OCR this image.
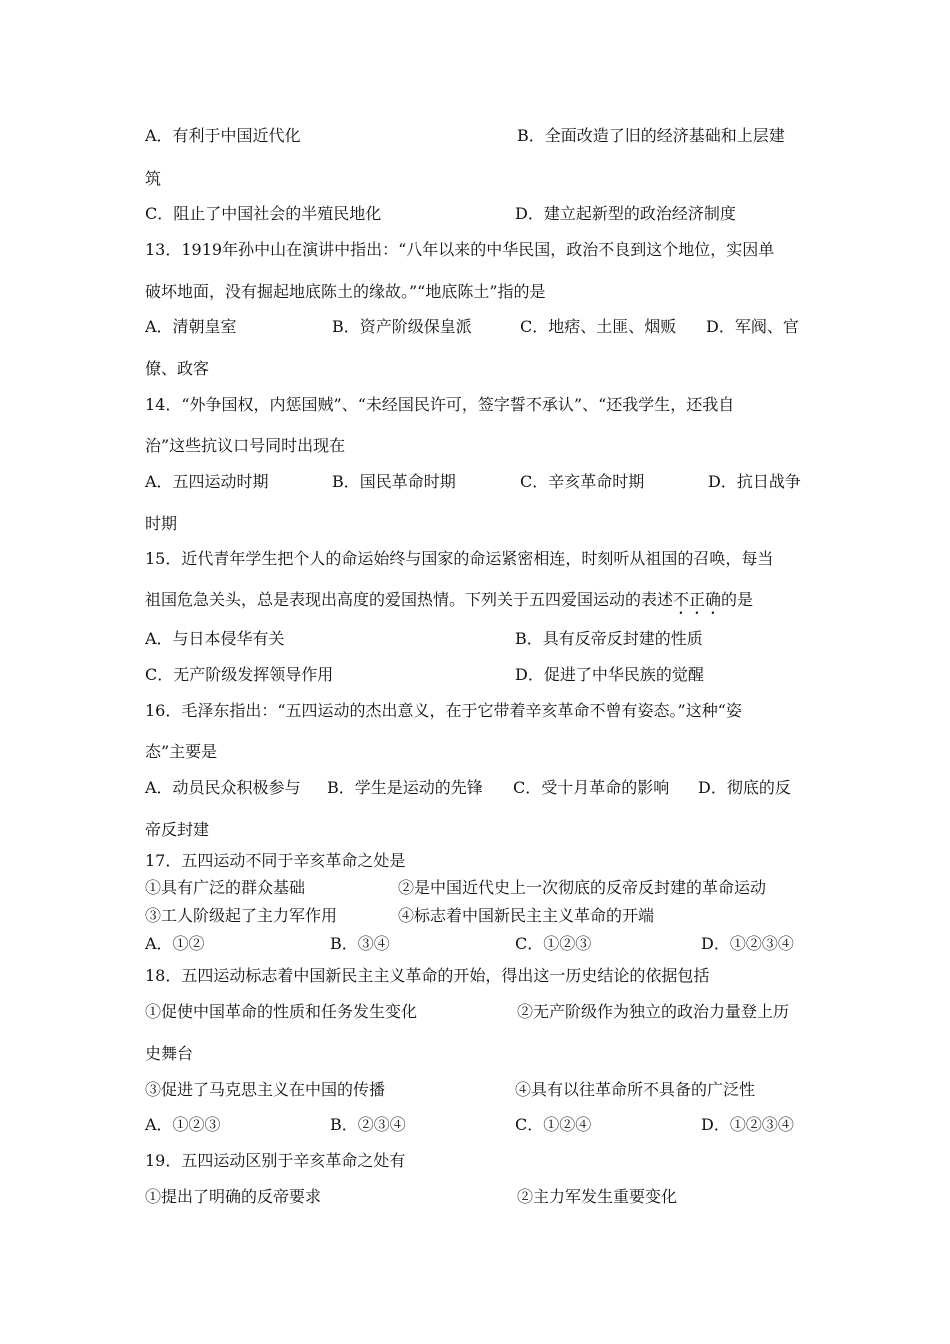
A．有利于中国近代化	B．全面改造了旧的经济基础和上层建
筑
C．阻止了中国社会的半殖民地化	D．建立起新型的政治经济制度
13．1919年孙中山在演讲中指出：“八年以来的中华民国，政治不良到这个地位，实因单
破坏地面，没有掘起地底陈土的缘故。”“地底陈土”指的是
A．清朝皇室	B．资产阶级保皇派	C．地痞、土匪、烟贩 D．军阀、官
僚、政客
14．“外争国权，内惩国贼”、“未经国民许可，签字誓不承认”、“还我学生，还我自
治”这些抗议口号同时出现在
A．五四运动时期	B．国民革命时期	C．辛亥革命时期	D．抗日战争
时期
15．近代青年学生把个人的命运始终与国家的命运紧密相连，时刻听从祖国的召唤，每当
祖国危急关头，总是表现出高度的爱国热情。下列关于五四爱国运动的表述不正确的是
A．与日本侵华有关	B．具有反帝反封建的性质
C．无产阶级发挥领导作用	D．促进了中华民族的觉醒
16．毛泽东指出：“五四运动的杰出意义，在于它带着辛亥革命不曾有姿态。”这种“姿
态”主要是
A．动员民众积极参与 B．学生是运动的先锋 C．受十月革命的影响 D．彻底的反
帝反封建
17．五四运动不同于辛亥革命之处是
①具有广泛的群众基础	②是中国近代史上一次彻底的反帝反封建的革命运动
③工人阶级起了主力军作用	④标志着中国新民主主义革命的开端
A．①②	B．③④	C．①②③	D．①②③④
18．五四运动标志着中国新民主主义革命的开始，得出这一历史结论的依据包括
①促使中国革命的性质和任务发生变化	②无产阶级作为独立的政治力量登上历
史舞台
③促进了马克思主义在中国的传播	④具有以往革命所不具备的广泛性
A．①②③	B．②③④	C．①②④	D．①②③④
19．五四运动区别于辛亥革命之处有
①提出了明确的反帝要求	②主力军发生重要变化
